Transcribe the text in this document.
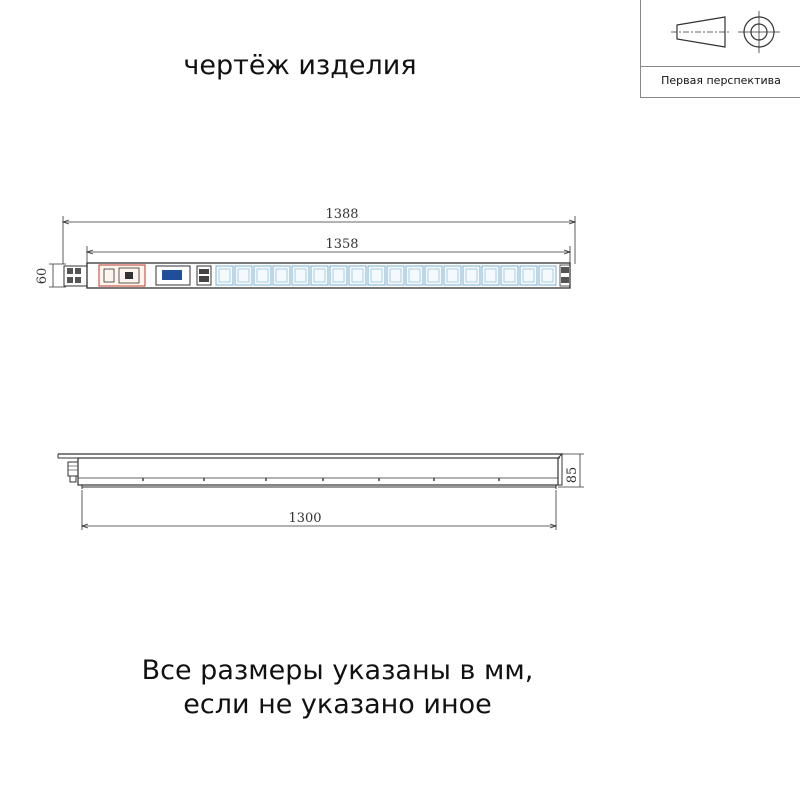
чертёж изделия	Первая перспектива
1388
1358
60
1300
85
Все размеры указаны в мм,
если не указано иное
